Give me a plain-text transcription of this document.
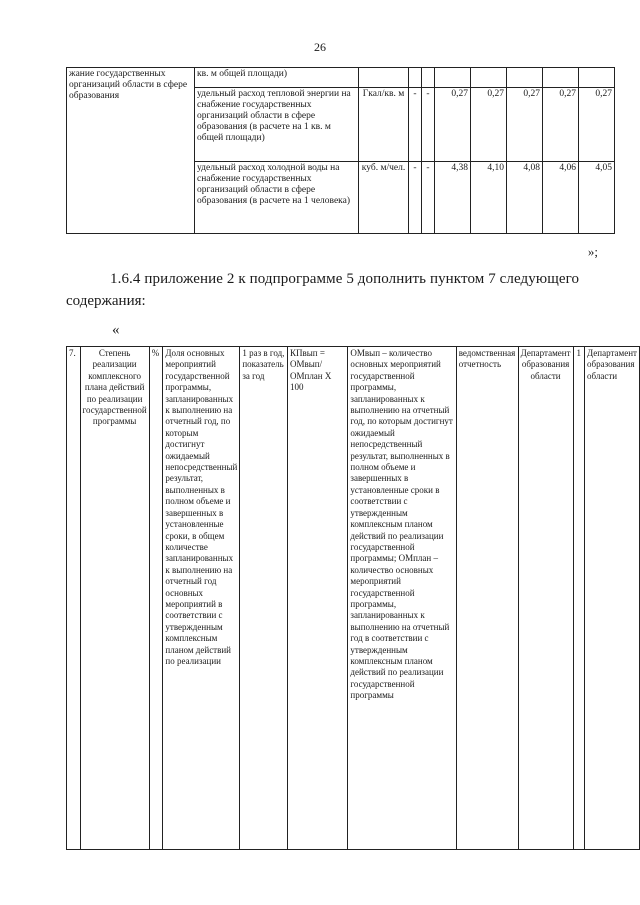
26
жание государственных организаций области в сфере образования	кв. м общей площади)								
	удельный расход тепловой энергии на снабжение государственных организаций области в сфере образования (в расчете на 1 кв. м общей площади)	Гкал/кв. м	-	-	0,27	0,27	0,27	0,27	0,27
	удельный расход холодной воды на снабжение государственных организаций области в сфере образования (в расчете на 1 человека)	куб. м/чел.	-	-	4,38	4,10	4,08	4,06	4,05
»;
1.6.4 приложение 2 к подпрограмме 5 дополнить пунктом 7 следующего
содержания:
«
7.	Степень реализации комплексного плана действий по реализации государственной программы	%	Доля основных мероприятий государственной программы, запланированных к выполнению на отчетный год, по которым достигнут ожидаемый непосредственный результат, выполненных в полном объеме и завершенных в установленные сроки, в общем количестве запланированных к выполнению на отчетный год основных мероприятий в соответствии с утвержденным комплексным планом действий по реализации	1 раз в год, показатель за год	КПвып = ОМвып/ ОМплан X 100	ОМвып – количество основных мероприятий государственной программы, запланированных к выполнению на отчетный год, по которым достигнут ожидаемый непосредственный результат, выполненных в полном объеме и завершенных в установленные сроки в соответствии с утвержденным комплексным планом действий по реализации государственной программы; ОМплан – количество основных мероприятий государственной программы, запланированных к выполнению на отчетный год в соответствии с утвержденным комплексным планом действий по реализации государственной программы	ведомственная отчетность	Департамент образования области	1	Департамент образования области
